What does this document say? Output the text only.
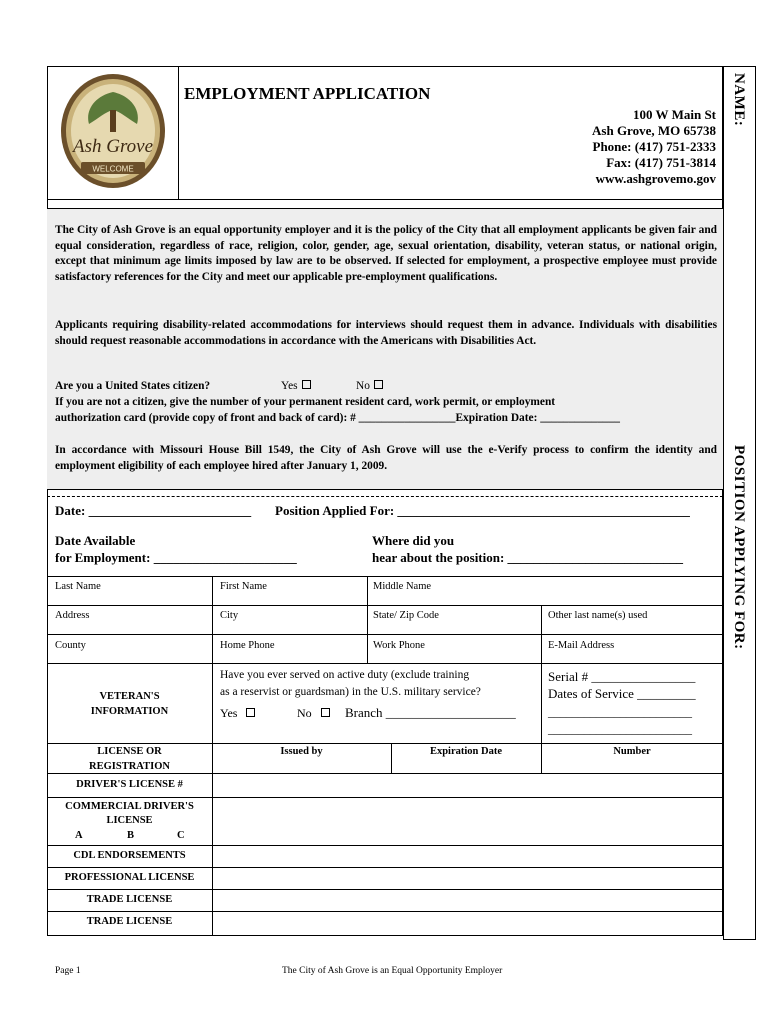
NAME:
POSITION APPLYING FOR:
Ash Grove
WELCOME
EMPLOYMENT APPLICATION
100 W Main St
Ash Grove, MO 65738
Phone: (417) 751-2333
Fax: (417) 751-3814
www.ashgrovemo.gov
The City of Ash Grove is an equal opportunity employer and it is the policy of the City that all employment applicants be given fair and equal consideration, regardless of race, religion, color, gender, age, sexual orientation, disability, veteran status, or national origin, except that minimum age limits imposed by law are to be observed. If selected for employment, a prospective employee must provide satisfactory references for the City and meet our applicable pre-employment qualifications.
Applicants requiring disability-related accommodations for interviews should request them in advance. Individuals with disabilities should request reasonable accommodations in accordance with the Americans with Disabilities Act.
Are you a United States citizen?	Yes	No
If you are not a citizen, give the number of your permanent resident card, work permit, or employment
authorization card (provide copy of front and back of card): # _________________Expiration Date: ______________
In accordance with Missouri House Bill 1549, the City of Ash Grove will use the e-Verify process to confirm the identity and employment eligibility of each employee hired after January 1, 2009.
Date: _________________________ Position Applied For: _____________________________________________
Date Available
for Employment: ______________________
Where did you
hear about the position: ___________________________
Last Name	First Name	Middle Name
Address	City	State/ Zip Code	Other last name(s) used
County	Home Phone	Work Phone	E-Mail Address
VETERAN'S
INFORMATION
Have you ever served on active duty (exclude training
as a reservist or guardsman) in the U.S. military service?
Yes	No	Branch ____________________
Serial # ________________
Dates of Service _________
________________________
________________________
LICENSE OR
REGISTRATION
Issued by	Expiration Date	Number
DRIVER'S LICENSE #
COMMERCIAL DRIVER'S
LICENSE
A	B	C
CDL ENDORSEMENTS
PROFESSIONAL LICENSE
TRADE LICENSE
TRADE LICENSE
Page 1	The City of Ash Grove is an Equal Opportunity Employer
